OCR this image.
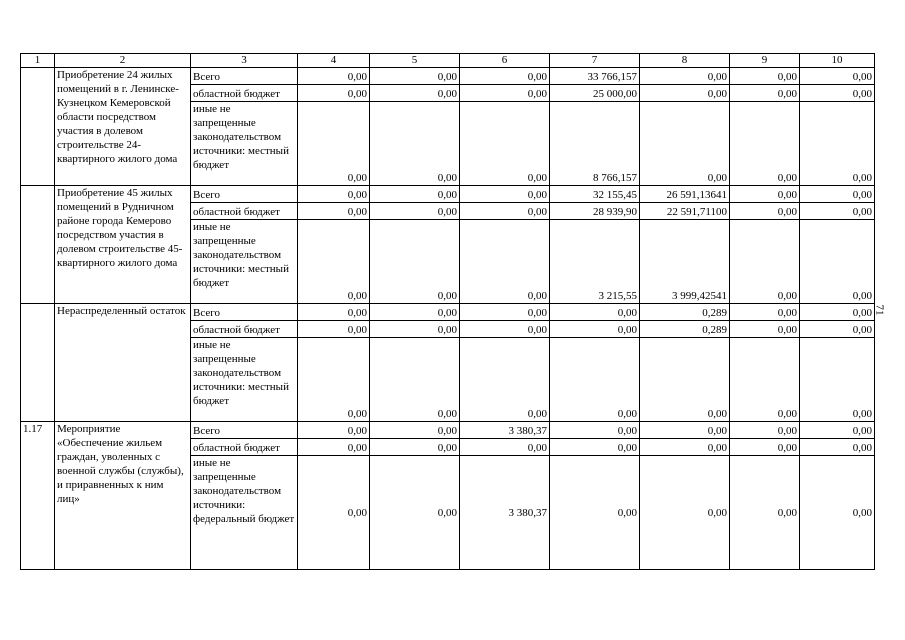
1	2	3	4	5	6	7	8	9	10
	Приобретение 24 жилых помещений в г. Ленинске-Кузнецком Кемеровской области посредством участия в долевом строительстве 24-квартирного жилого дома	Всего	0,00	0,00	0,00	33 766,157	0,00	0,00	0,00
		областной бюджет	0,00	0,00	0,00	25 000,00	0,00	0,00	0,00
		иные не запрещенные законодательством источники: местный бюджет	0,00	0,00	0,00	8 766,157	0,00	0,00	0,00
	Приобретение 45 жилых помещений в Рудничном районе города Кемерово посредством участия в долевом строительстве 45-квартирного жилого дома	Всего	0,00	0,00	0,00	32 155,45	26 591,13641	0,00	0,00
		областной бюджет	0,00	0,00	0,00	28 939,90	22 591,71100	0,00	0,00
		иные не запрещенные законодательством источники: местный бюджет	0,00	0,00	0,00	3 215,55	3 999,42541	0,00	0,00
	Нераспределенный остаток	Всего	0,00	0,00	0,00	0,00	0,289	0,00	0,00
		областной бюджет	0,00	0,00	0,00	0,00	0,289	0,00	0,00
		иные не запрещенные законодательством источники: местный бюджет	0,00	0,00	0,00	0,00	0,00	0,00	0,00
1.17	Мероприятие «Обеспечение жильем граждан, уволенных с военной службы (службы), и приравненных к ним лиц»	Всего	0,00	0,00	3 380,37	0,00	0,00	0,00	0,00
		областной бюджет	0,00	0,00	0,00	0,00	0,00	0,00	0,00
		иные не запрещенные законодательством источники: федеральный бюджет	0,00	0,00	3 380,37	0,00	0,00	0,00	0,00
71
